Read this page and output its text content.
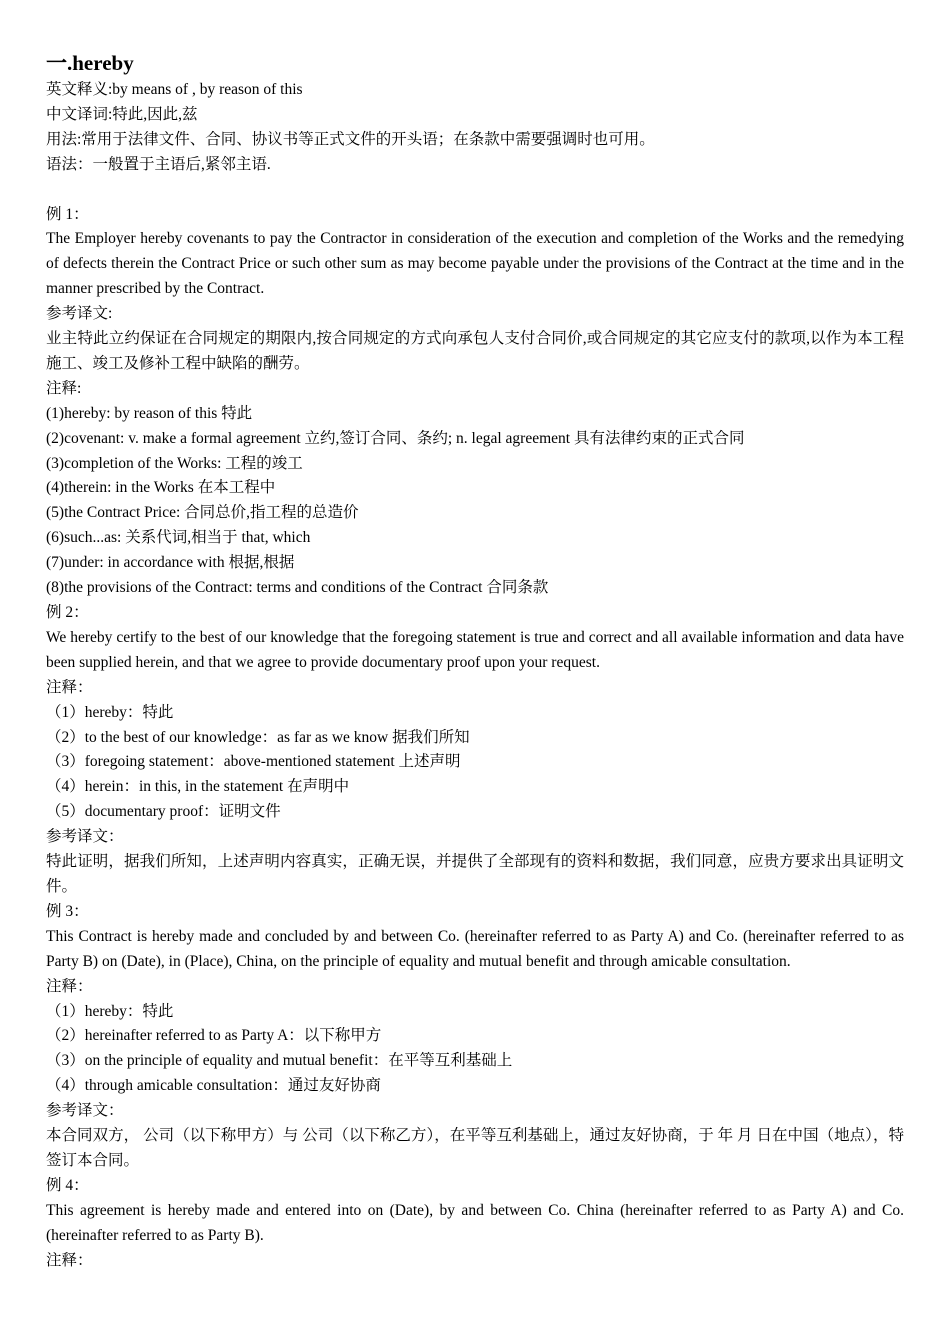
一.hereby

英文释义:by means of , by reason of this

中文译词:特此,因此,兹

用法:常用于法律文件、合同、协议书等正式文件的开头语；在条款中需要强调时也可用。

语法：一般置于主语后,紧邻主语.

例 1：

The Employer hereby covenants to pay the Contractor in consideration of the execution and completion of the Works and the remedying of defects therein the Contract Price or such other sum as may become payable under the provisions of the Contract at the time and in the manner prescribed by the Contract.

参考译文:

业主特此立约保证在合同规定的期限内,按合同规定的方式向承包人支付合同价,或合同规定的其它应支付的款项,以作为本工程施工、竣工及修补工程中缺陷的酬劳。

注释:

(1)hereby: by reason of this 特此

(2)covenant: v. make a formal agreement 立约,签订合同、条约; n. legal agreement 具有法律约束的正式合同

(3)completion of the Works: 工程的竣工

(4)therein: in the Works 在本工程中

(5)the Contract Price: 合同总价,指工程的总造价

(6)such...as: 关系代词,相当于 that, which

(7)under: in accordance with 根据,根据

(8)the provisions of the Contract: terms and conditions of the Contract 合同条款

例 2：

We hereby certify to the best of our knowledge that the foregoing statement is true and correct and all available information and data have been supplied herein, and that we agree to provide documentary proof upon your request.

注释：

（1）hereby：特此

（2）to the best of our knowledge：as far as we know 据我们所知

（3）foregoing statement：above-mentioned statement 上述声明

（4）herein：in this, in the statement 在声明中

（5）documentary proof：证明文件

参考译文：

特此证明，据我们所知，上述声明内容真实，正确无误，并提供了全部现有的资料和数据，我们同意，应贵方要求出具证明文件。

例 3：

This Contract is hereby made and concluded by and between Co. (hereinafter referred to as Party A) and Co. (hereinafter referred to as Party B) on (Date), in (Place), China, on the principle of equality and mutual benefit and through amicable consultation.

注释：

（1）hereby：特此

（2）hereinafter referred to as Party A：以下称甲方

（3）on the principle of equality and mutual benefit：在平等互利基础上

（4）through amicable consultation：通过友好协商

参考译文：

本合同双方， 公司（以下称甲方）与 公司（以下称乙方），在平等互利基础上，通过友好协商，于 年 月 日在中国（地点），特签订本合同。

例 4：

This agreement is hereby made and entered into on (Date), by and between Co. China (hereinafter referred to as Party A) and Co. (hereinafter referred to as Party B).

注释：
